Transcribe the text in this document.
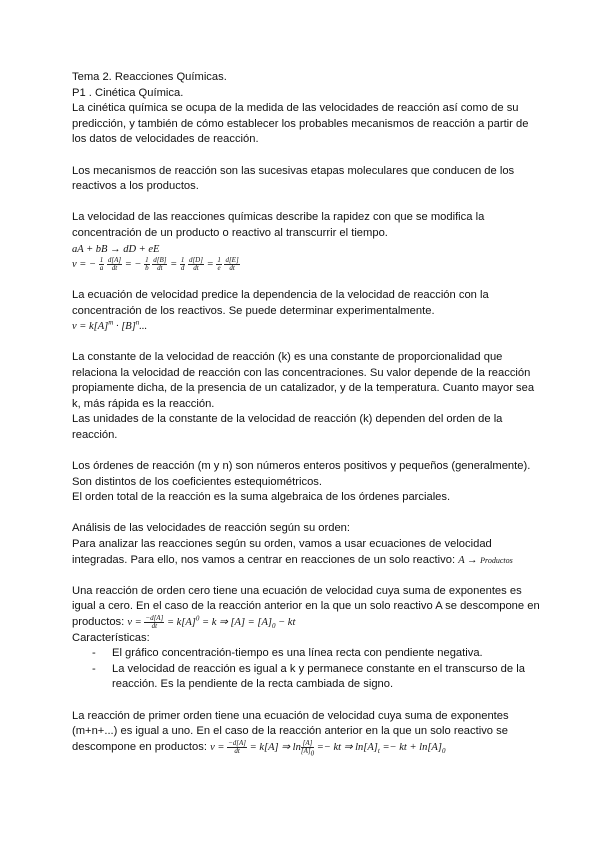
Tema 2. Reacciones Químicas.

P1 . Cinética Química.

La cinética química se ocupa de la medida de las velocidades de reacción así como de su predicción, y también de cómo establecer los probables mecanismos de reacción a partir de los datos de velocidades de reacción.

Los mecanismos de reacción son las sucesivas etapas moleculares que conducen de los reactivos a los productos.

La velocidad de las reacciones químicas describe la rapidez con que se modifica la concentración de un producto o reactivo al transcurrir el tiempo.

aA + bB → dD + eE
v = − $\frac{1}{a}$
$\frac{d[A]}{dt}$ = − $\frac{1}{b}$
$\frac{d[B]}{dt} = \frac{1}{d}$
$\frac{d[D]}{dt} = \frac{1}{e}$
$\frac{d[E]}{dt}$

La ecuación de velocidad predice la dependencia de la velocidad de reacción con la concentración de los reactivos. Se puede determinar experimentalmente.

$v = k[A]^m \cdot [B]^n$...

La constante de la velocidad de reacción (k) es una constante de proporcionalidad que relaciona la velocidad de reacción con las concentraciones. Su valor depende de la reacción propiamente dicha, de la presencia de un catalizador, y de la temperatura. Cuanto mayor sea k, más rápida es la reacción.

Las unidades de la constante de la velocidad de reacción (k) dependen del orden de la reacción.

Los órdenes de reacción (m y n) son números enteros positivos y pequeños (generalmente). Son distintos de los coeficientes estequiométricos.

El orden total de la reacción es la suma algebraica de los órdenes parciales.

Análisis de las velocidades de reacción según su orden:

Para analizar las reacciones según su orden, vamos a usar ecuaciones de velocidad integradas. Para ello, nos vamos a centrar en reacciones de un solo reactivo: A → Productos

Una reacción de orden cero tiene una ecuación de velocidad cuya suma de exponentes es igual a cero. En el caso de la reacción anterior en la que un solo reactivo A se descompone en productos: $v = \frac{-d[A]}{dt} = k[A]^0 = k$ ⇒ $[A] = [A]_0$ − kt

Características:

- El gráfico concentración-tiempo es una línea recta con pendiente negativa.
- La velocidad de reacción es igual a k y permanece constante en el transcurso de la reacción. Es la pendiente de la recta cambiada de signo.

La reacción de primer orden tiene una ecuación de velocidad cuya suma de exponentes (m+n+...) es igual a uno. En el caso de la reacción anterior en la que un solo reactivo se descompone en productos: $v = \frac{-d[A]}{dt} = k[A]$ ⇒ $\ln \frac{[A]}{[A]_0}$ =− kt ⇒ $\ln[A]_t$ =− kt + $\ln[A]_0$
